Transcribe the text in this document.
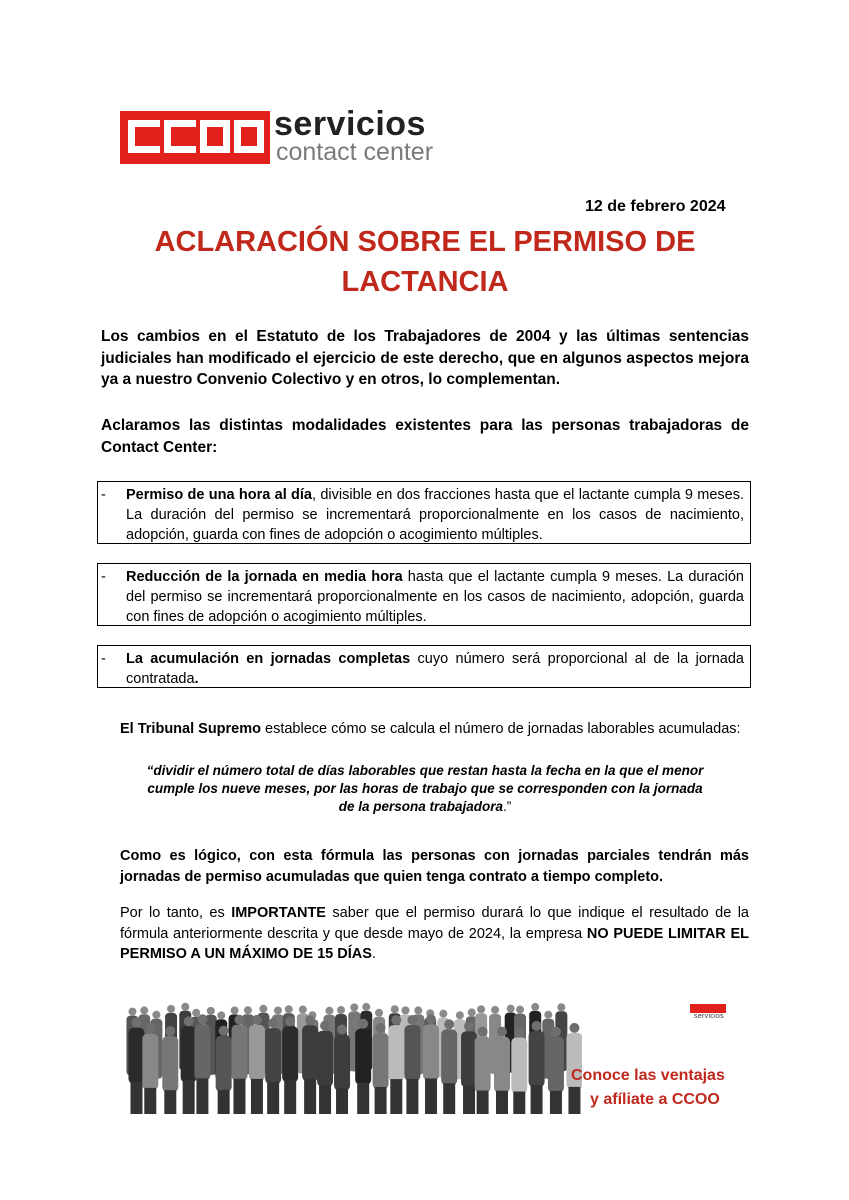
servicios
contact center
12 de febrero 2024
ACLARACIÓN SOBRE EL PERMISO DE
LACTANCIA
Los cambios en el Estatuto de los Trabajadores de 2004 y las últimas sentencias judiciales han modificado el ejercicio de este derecho, que en algunos aspectos mejora ya a nuestro Convenio Colectivo y en otros, lo complementan.
Aclaramos las distintas modalidades existentes para las personas trabajadoras de Contact Center:
- Permiso de una hora al día, divisible en dos fracciones hasta que el lactante cumpla 9 meses. La duración del permiso se incrementará proporcionalmente en los casos de nacimiento, adopción, guarda con fines de adopción o acogimiento múltiples.
- Reducción de la jornada en media hora hasta que el lactante cumpla 9 meses. La duración del permiso se incrementará proporcionalmente en los casos de nacimiento, adopción, guarda con fines de adopción o acogimiento múltiples.
- La acumulación en jornadas completas cuyo número será proporcional al de la jornada contratada.
El Tribunal Supremo establece cómo se calcula el número de jornadas laborables acumuladas:
“dividir el número total de días laborables que restan hasta la fecha en la que el menor
cumple los nueve meses, por las horas de trabajo que se corresponden con la jornada
de la persona trabajadora.”
Como es lógico, con esta fórmula las personas con jornadas parciales tendrán más jornadas de permiso acumuladas que quien tenga contrato a tiempo completo.
Por lo tanto, es IMPORTANTE saber que el permiso durará lo que indique el resultado de la fórmula anteriormente descrita y que desde mayo de 2024, la empresa NO PUEDE LIMITAR EL PERMISO A UN MÁXIMO DE 15 DÍAS.
servicios
Conoce las ventajas
y afíliate a CCOO
